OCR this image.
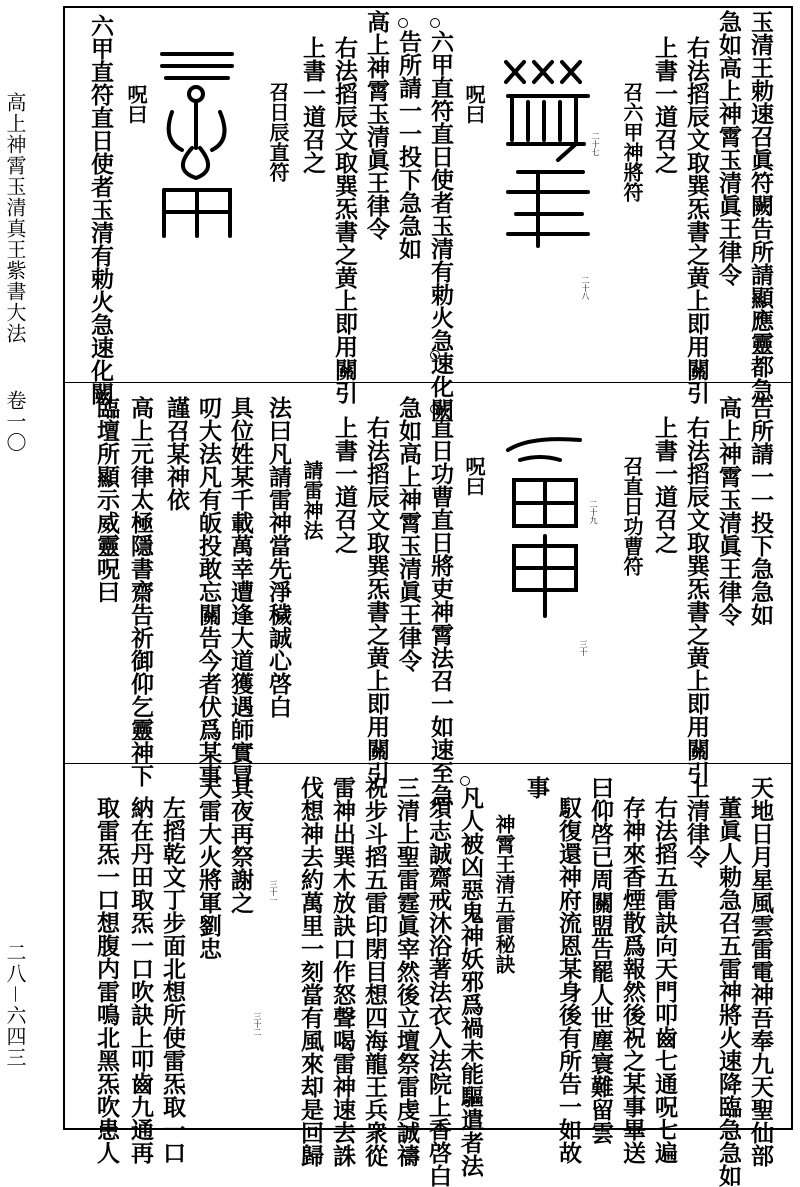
高上神霄玉清真王紫書大法
卷一〇
二八－六四三
玉清王勅速召眞符闕告所請顯應靈都急
急如高上神霄玉清眞王律令
右法搯辰文取巽炁書之黄上即用關引
上書一道召之
召六甲神將符
二十七
二十八
呪曰
六甲直符直日使者玉清有勅火急速化闕
告所請一一投下急急如
高上神霄玉清眞王律令
右法搯辰文取巽炁書之黄上即用關引
上書一道召之
召日辰直符
呪曰
六甲直符直日使者玉清有勅火急速化闕
告所請一一投下急急如
高上神霄玉清眞王律令
右法搯辰文取巽炁書之黄上即用關引
上書一道召之
召直日功曹符
二十九
三十
呪曰
直日功曹直日將吏神霄法召一如速至急
急如高上神霄玉清眞王律令
右法搯辰文取巽炁書之黄上即用關引
上書一道召之
請雷神法
法曰凡請雷神當先淨穢誠心啓白
具位姓某千載萬幸遭逢大道獲遇師實冒
叨大法凡有皈投敢忘關告今者伏爲某事
謹召某神依
高上元律太極隱書齋告祈御仰乞靈神下
臨壇所顯示威靈呪曰
天地日月星風雲雷電神吾奉九天聖仙部
董眞人勅急召五雷神將火速降臨急急如
上清律令
右法搯五雷訣向天門叩齒七通呪七遍
存神來香煙散爲報然後祝之某事畢送
曰仰啓已周關盟告罷人世塵寰難留雲
馭復還神府流恩某身後有所告一如故
事
神霄王清五雷秘訣
凡人被凶惡鬼神妖邪爲禍未能驅遣者法
須志誠齋戒沐浴著法衣入法院上香啓白
三清上聖雷霆眞宰然後立壇祭雷虔誠禱
祝步斗搯五雷印閉目想四海龍王兵衆從
雷神出巽木放訣口作怒聲喝雷神速去誅
伐想神去約萬里一刻當有風來却是回歸
三十一
三十二
其夜再祭謝之
天雷大火將軍劉忠
左搯乾文丁步面北想所使雷炁取一口
納在丹田取炁一口吹訣上叩齒九通再
取雷炁一口想腹内雷鳴北黑炁吹患人
